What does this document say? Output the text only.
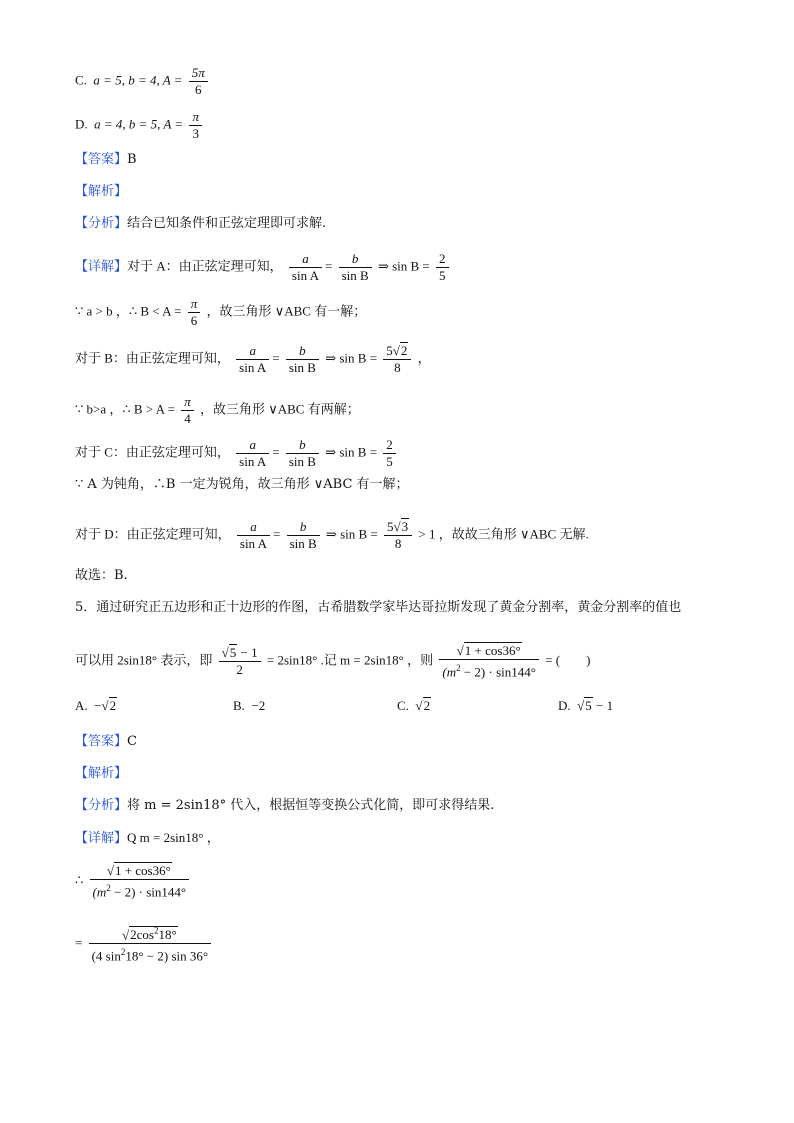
C. a = 5, b = 4, $A = \frac{5\pi}{6}$
D. a = 4, b = 5, $A = \frac{\pi}{3}$
【答案】B
【解析】
【分析】结合已知条件和正弦定理即可求解.
【详解】对于 A：由正弦定理可知， $\frac{a}{\text{sin A}} = \frac{b}{\text{sin B}}$ ⇒ $\sin B = \frac{2}{5}$
∵ a > b ，∴ $B < A = \frac{\pi}{6}$ ，故三角形 ∨ABC 有一解；
对于 B：由正弦定理可知， $\frac{a}{\text{sin A}} = \frac{b}{\text{sin B}}$ ⇒ $\sin B = \frac{5√2}{8}$ ，
∵ b>a ，∴ $B > A = \frac{\pi}{4}$ ，故三角形 ∨ABC 有两解；
对于 C：由正弦定理可知， $\frac{a}{\text{sin A}} = \frac{b}{\text{sin B}}$ ⇒ $\sin B = \frac{2}{5}$
∵ A 为钝角，∴B 一定为锐角，故三角形 ∨ABC 有一解；
对于 D：由正弦定理可知， $\frac{a}{\text{sin A}} = \frac{b}{\text{sin B}}$ ⇒ $\sin B = \frac{5√3}{8} > 1$ ，故故三角形 ∨ABC 无解.
故选：B.
5．通过研究正五边形和正十边形的作图，古希腊数学家毕达哥拉斯发现了黄金分割率，黄金分割率的值也
可以用 2sin18° 表示，即 $\frac{√5 - 1}{2} = 2\sin 18^\circ$ .记 m = 2sin18° ，则 $\frac{√1 + \cos 36^\circ}{(m^2 - 2) \cdot \sin 144^\circ}$ = (　　)
A. −√2	B. −2	C. √2	D. √5 − 1
【答案】C
【解析】
【分析】将 m = 2sin18° 代入，根据恒等变换公式化简，即可求得结果.
【详解】Q m = 2sin18° ，
∴ $\frac{√1 + \cos 36^\circ}{(m^2 - 2) \cdot \sin 144^\circ}$
= $\frac{√2\cos^218^\circ}{(4 \sin^218^\circ - 2) \sin 36^\circ}$
